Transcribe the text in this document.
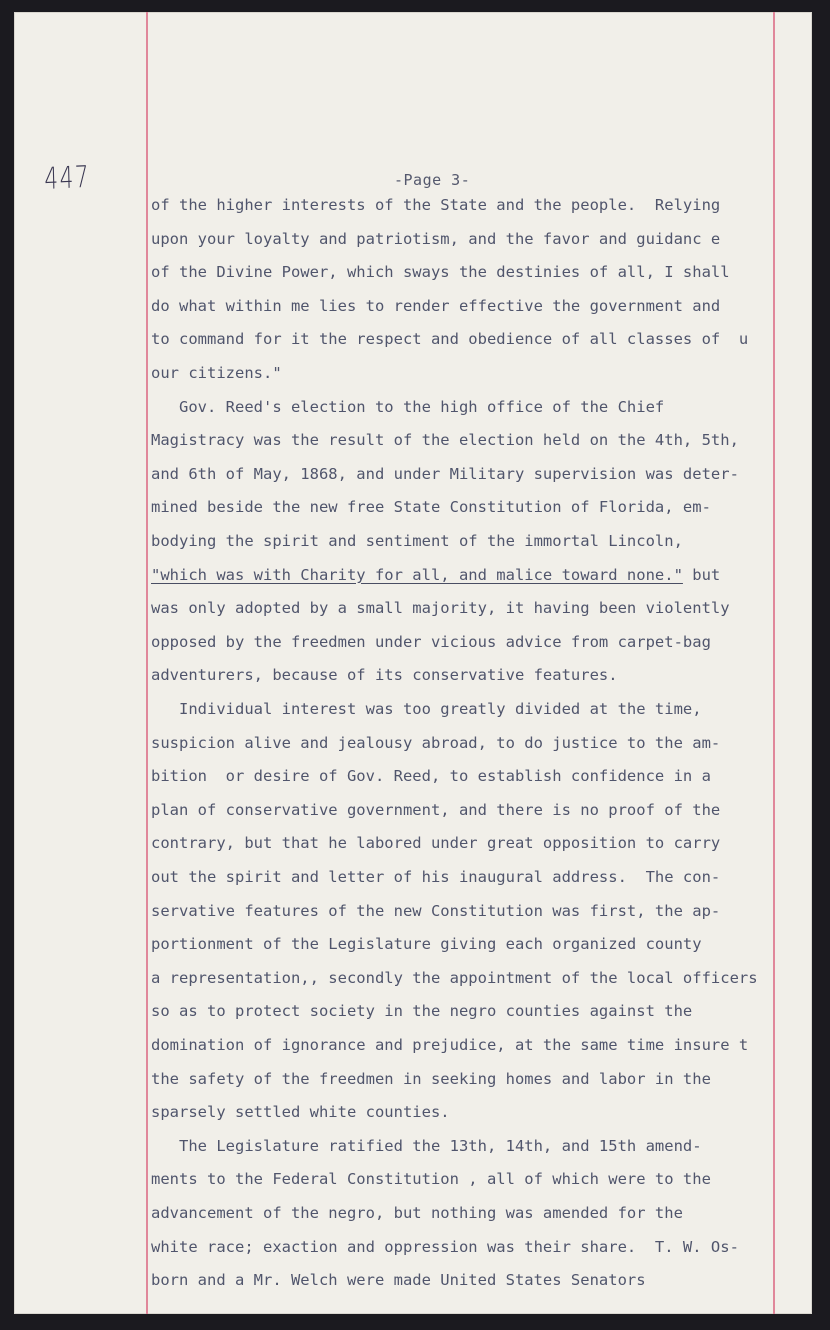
447	-Page 3-
of the higher interests of the State and the people.  Relying
upon your loyalty and patriotism, and the favor and guidanc e
of the Divine Power, which sways the destinies of all, I shall
do what within me lies to render effective the government and
to command for it the respect and obedience of all classes of  u
our citizens."
Gov. Reed's election to the high office of the Chief
Magistracy was the result of the election held on the 4th, 5th,
and 6th of May, 1868, and under Military supervision was deter-
mined beside the new free State Constitution of Florida, em-
bodying the spirit and sentiment of the immortal Lincoln,
"which was with Charity for all, and malice toward none." but
was only adopted by a small majority, it having been violently
opposed by the freedmen under vicious advice from carpet-bag
adventurers, because of its conservative features.
Individual interest was too greatly divided at the time,
suspicion alive and jealousy abroad, to do justice to the am-
bition  or desire of Gov. Reed, to establish confidence in a
plan of conservative government, and there is no proof of the
contrary, but that he labored under great opposition to carry
out the spirit and letter of his inaugural address.  The con-
servative features of the new Constitution was first, the ap-
portionment of the Legislature giving each organized county
a representation,, secondly the appointment of the local officers
so as to protect society in the negro counties against the
domination of ignorance and prejudice, at the same time insure t
the safety of the freedmen in seeking homes and labor in the
sparsely settled white counties.
The Legislature ratified the 13th, 14th, and 15th amend-
ments to the Federal Constitution , all of which were to the
advancement of the negro, but nothing was amended for the
white race; exaction and oppression was their share.  T. W. Os-
born and a Mr. Welch were made United States Senators
